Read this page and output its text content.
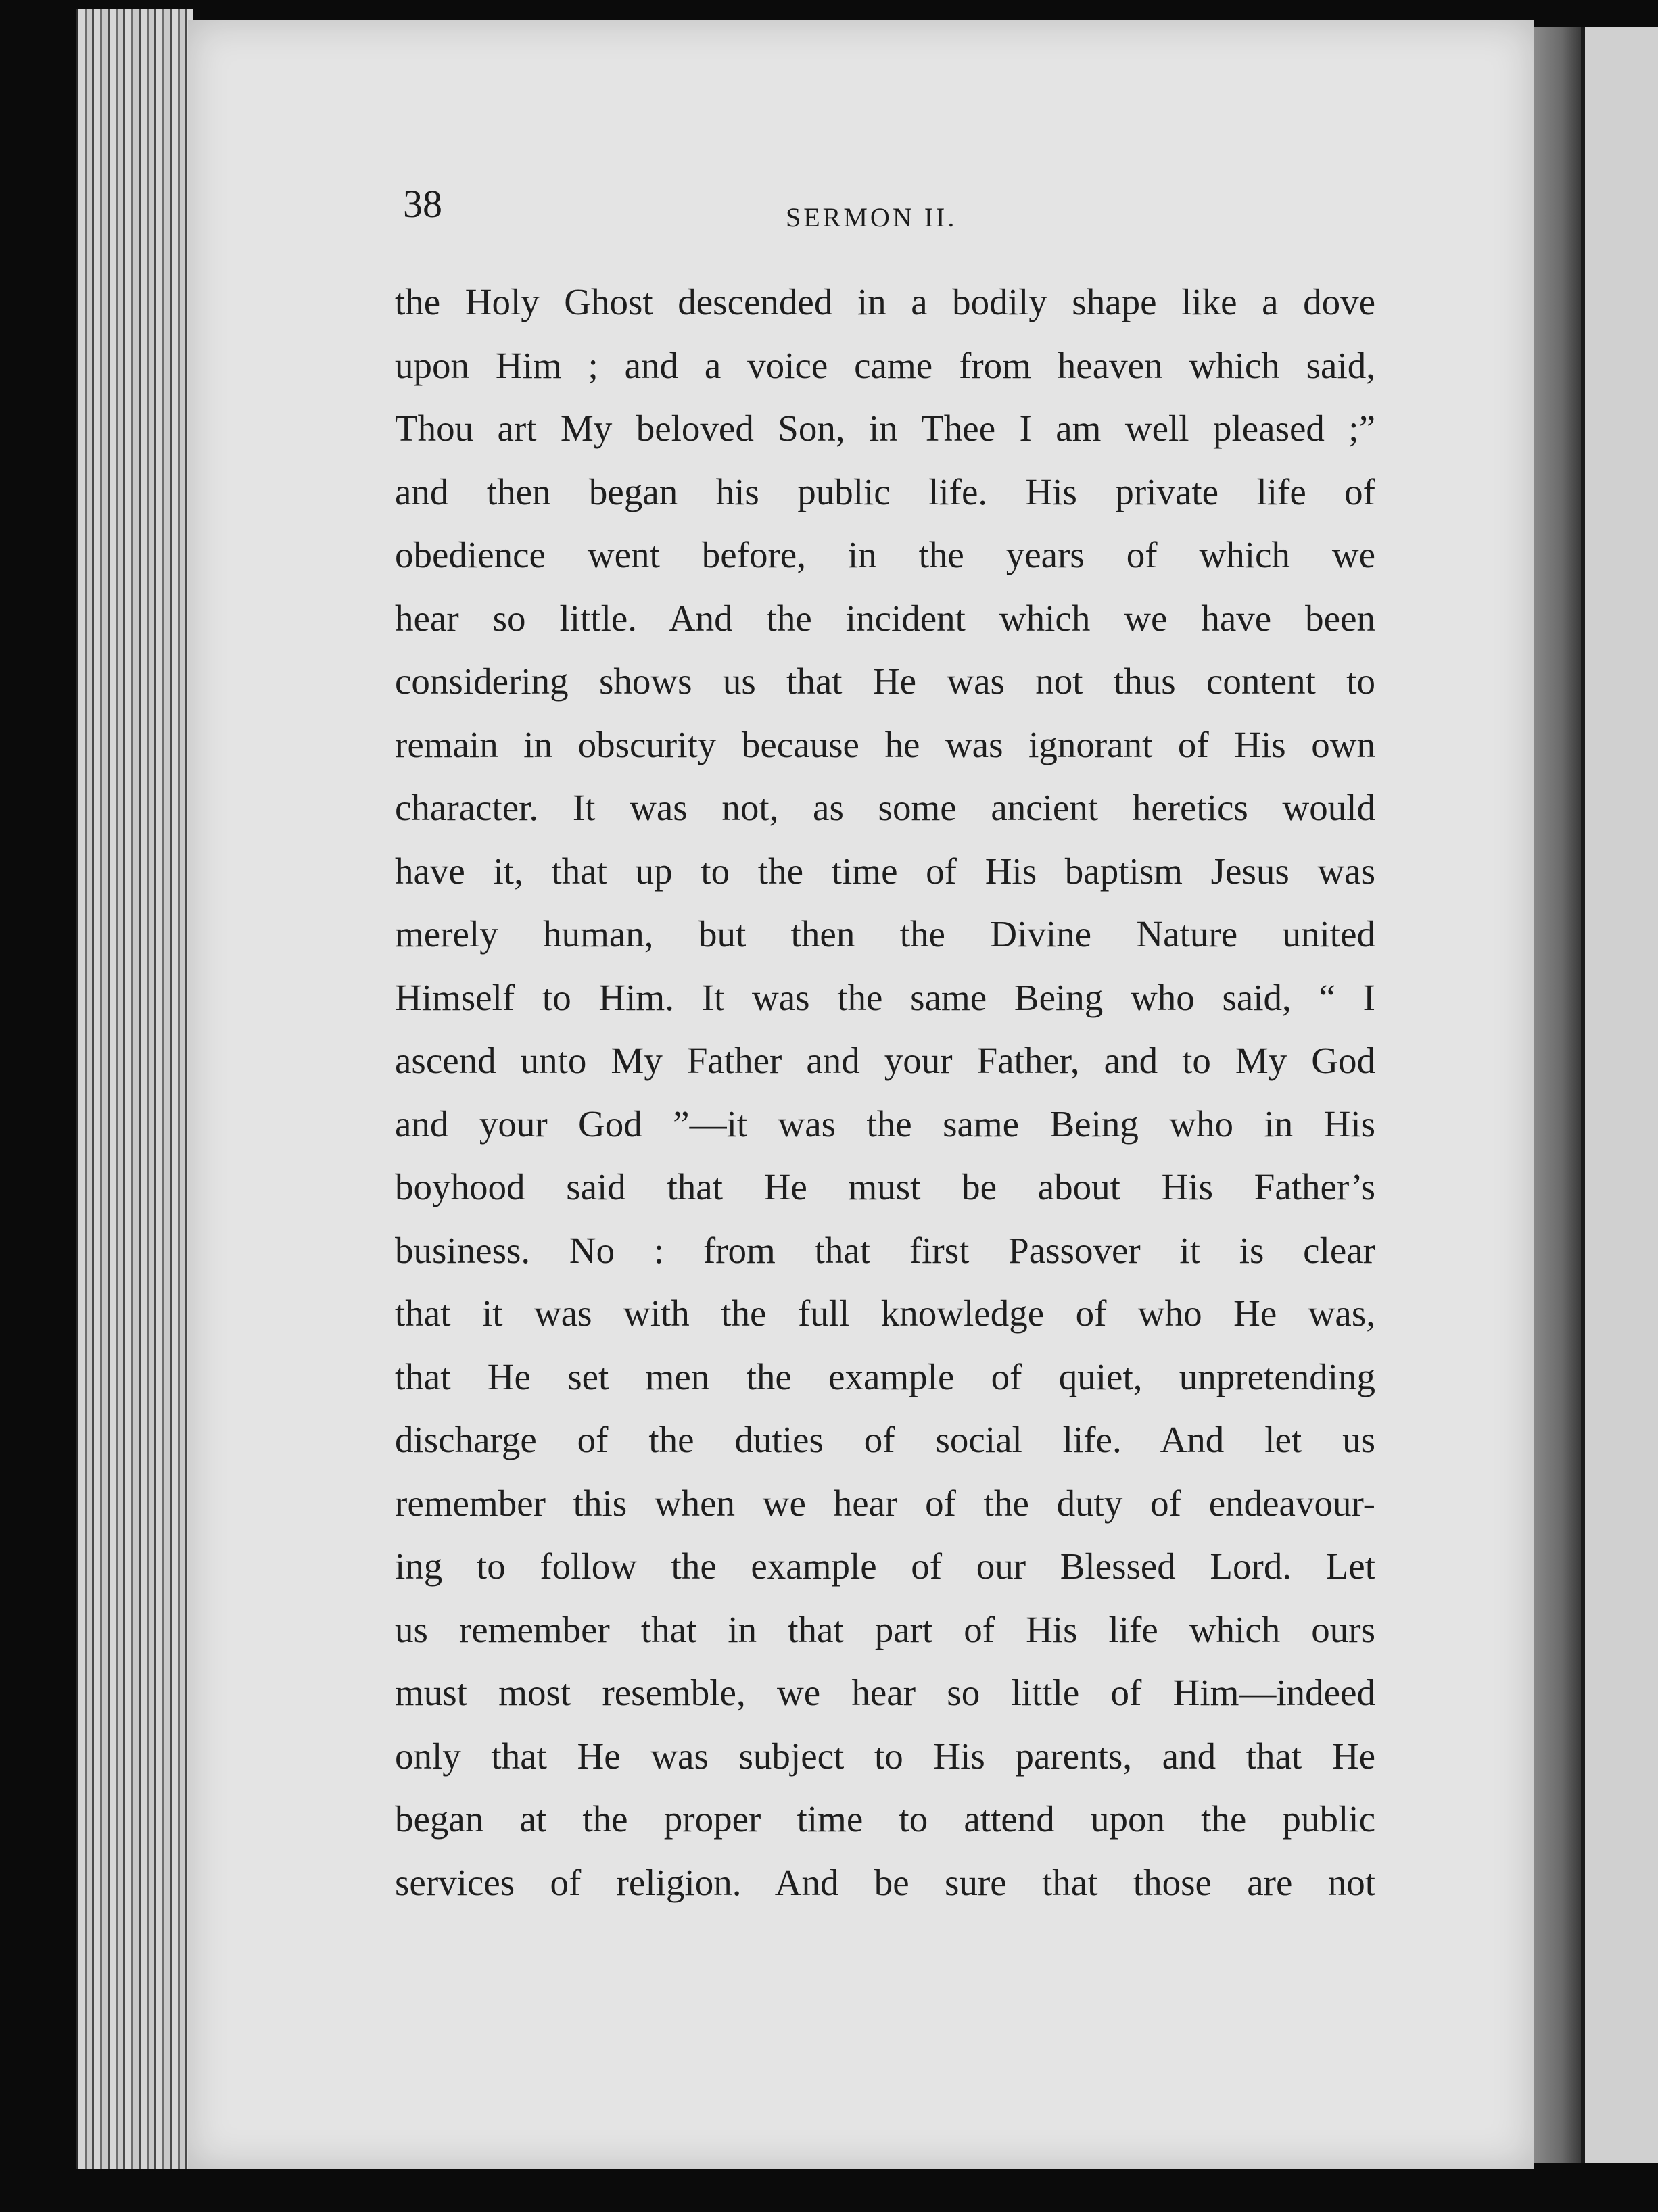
38	SERMON II.
the Holy Ghost descended in a bodily shape like a dove
upon Him ; and a voice came from heaven which said,
Thou art My beloved Son, in Thee I am well pleased ;”
and then began his public life. His private life of
obedience went before, in the years of which we
hear so little. And the incident which we have been
considering shows us that He was not thus content to
remain in obscurity because he was ignorant of His own
character. It was not, as some ancient heretics would
have it, that up to the time of His baptism Jesus was
merely human, but then the Divine Nature united
Himself to Him. It was the same Being who said, “ I
ascend unto My Father and your Father, and to My God
and your God ”—it was the same Being who in His
boyhood said that He must be about His Father’s
business. No : from that first Passover it is clear
that it was with the full knowledge of who He was,
that He set men the example of quiet, unpretending
discharge of the duties of social life. And let us
remember this when we hear of the duty of endeavour-
ing to follow the example of our Blessed Lord. Let
us remember that in that part of His life which ours
must most resemble, we hear so little of Him—indeed
only that He was subject to His parents, and that He
began at the proper time to attend upon the public
services of religion. And be sure that those are not
